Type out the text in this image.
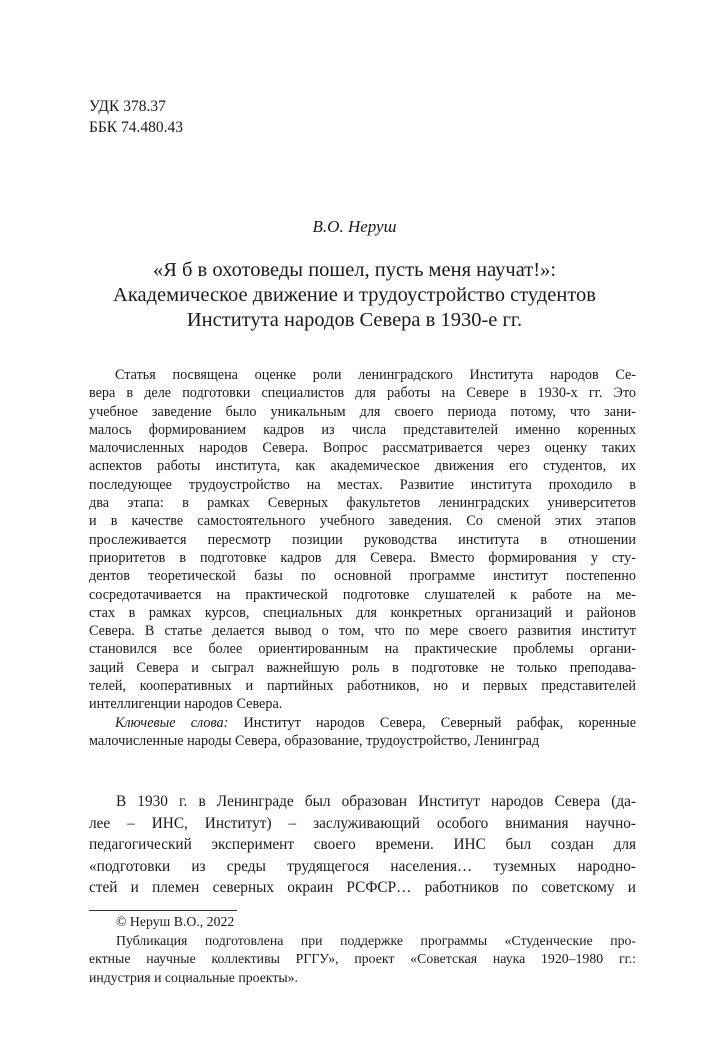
УДК 378.37
ББК 74.480.43
В.О. Неруш
«Я б в охотоведы пошел, пусть меня научат!»:
Академическое движение и трудоустройство студентов
Института народов Севера в 1930-е гг.
Статья посвящена оценке роли ленинградского Института народов Се-
вера в деле подготовки специалистов для работы на Севере в 1930-х гг. Это
учебное заведение было уникальным для своего периода потому, что зани-
малось формированием кадров из числа представителей именно коренных
малочисленных народов Севера. Вопрос рассматривается через оценку таких
аспектов работы института, как академическое движения его студентов, их
последующее трудоустройство на местах. Развитие института проходило в
два этапа: в рамках Северных факультетов ленинградских университетов
и в качестве самостоятельного учебного заведения. Со сменой этих этапов
прослеживается пересмотр позиции руководства института в отношении
приоритетов в подготовке кадров для Севера. Вместо формирования у сту-
дентов теоретической базы по основной программе институт постепенно
сосредотачивается на практической подготовке слушателей к работе на ме-
стах в рамках курсов, специальных для конкретных организаций и районов
Севера. В статье делается вывод о том, что по мере своего развития институт
становился все более ориентированным на практические проблемы органи-
заций Севера и сыграл важнейшую роль в подготовке не только преподава-
телей, кооперативных и партийных работников, но и первых представителей
интеллигенции народов Севера.
Ключевые слова: Институт народов Севера, Северный рабфак, коренные
малочисленные народы Севера, образование, трудоустройство, Ленинград
В 1930 г. в Ленинграде был образован Институт народов Севера (да-
лее – ИНС, Институт) – заслуживающий особого внимания научно-
педагогический эксперимент своего времени. ИНС был создан для
«подготовки из среды трудящегося населения… туземных народно-
стей и племен северных окраин РСФСР… работников по советскому и
© Неруш В.О., 2022
Публикация подготовлена при поддержке программы «Студенческие про-
ектные научные коллективы РГГУ», проект «Советская наука 1920–1980 гг.:
индустрия и социальные проекты».
